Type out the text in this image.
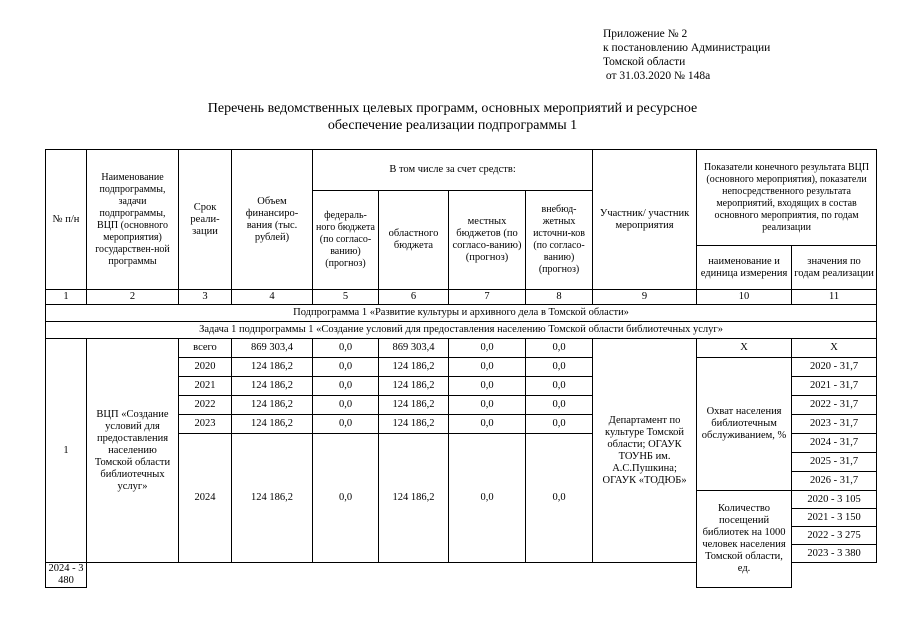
Приложение № 2
к постановлению Администрации
Томской области
от 31.03.2020 № 148а
Перечень ведомственных целевых программ, основных мероприятий и ресурсное
обеспечение реализации подпрограммы 1
№ п/н	Наименование подпрограммы, задачи подпрограммы, ВЦП (основного мероприятия) государствен-ной программы	Срок реали-зации	Объем финансиро-вания (тыс. рублей)	В том числе за счет средств:				Участник/ участник мероприятия	Показатели конечного результата ВЦП (основного мероприятия), показатели непосредственного результата мероприятий, входящих в состав основного мероприятия, по годам реализации	
				федераль-ного бюджета (по согласо-ванию) (прогноз)	областного бюджета	местных бюджетов (по согласо-ванию) (прогноз)	внебюд-жетных источни-ков (по согласо-ванию) (прогноз)			
									наименование и единица измерения	значения по годам реализации
1	2	3	4	5	6	7	8	9	10	11
Подпрограмма 1 «Развитие культуры и архивного дела в Томской области»										
Задача 1 подпрограммы 1 «Создание условий для предоставления населению Томской области библиотечных услуг»										
1	ВЦП «Создание условий для предоставления населению Томской области библиотечных услуг»	всего	869 303,4	0,0	869 303,4	0,0	0,0	Департамент по культуре Томской области; ОГАУК ТОУНБ им. А.С.Пушкина; ОГАУК «ТОДЮБ»	Х	Х
		2020	124 186,2	0,0	124 186,2	0,0	0,0		Охват населения библиотечным обслуживанием, %	2020 - 31,7
		2021	124 186,2	0,0	124 186,2	0,0	0,0			2021 - 31,7
		2022	124 186,2	0,0	124 186,2	0,0	0,0			2022 - 31,7
		2023	124 186,2	0,0	124 186,2	0,0	0,0			2023 - 31,7
		2024	124 186,2	0,0	124 186,2	0,0	0,0			2024 - 31,7
										2025 - 31,7
										2026 - 31,7
									Количество посещений библиотек на 1000 человек населения Томской области, ед.	2020 - 3 105
										2021 - 3 150
										2022 - 3 275
										2023 - 3 380
2024 - 3 480										
